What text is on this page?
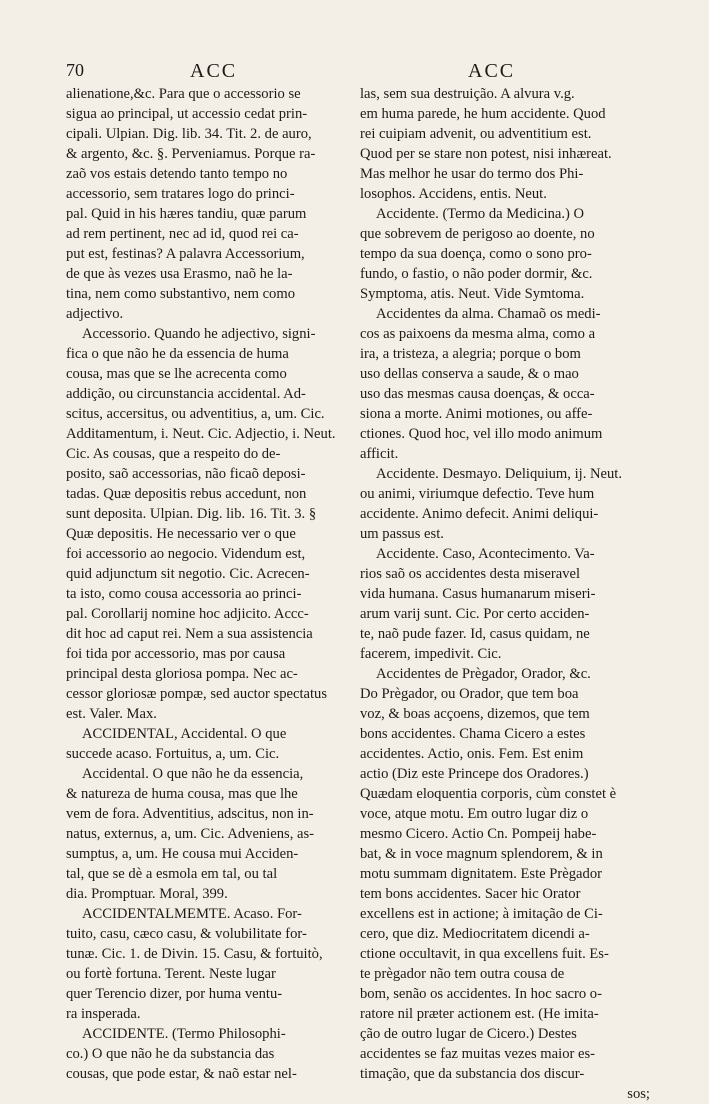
70	ACC	ACC
alienatione,&c. Para que o accessorio se
sigua ao principal, ut accessio cedat prin-
cipali. Ulpian. Dig. lib. 34. Tit. 2. de auro,
& argento, &c. §. Perveniamus. Porque ra-
zaõ vos estais detendo tanto tempo no
accessorio, sem tratares logo do princi-
pal. Quid in his hæres tandiu, quæ parum
ad rem pertinent, nec ad id, quod rei ca-
put est, festinas? A palavra Accessorium,
de que às vezes usa Erasmo, naõ he la-
tina, nem como substantivo, nem como
adjectivo.
Accessorio. Quando he adjectivo, signi-
fica o que não he da essencia de huma
cousa, mas que se lhe acrecenta como
addição, ou circunstancia accidental. Ad-
scitus, accersitus, ou adventitius, a, um. Cic.
Additamentum, i. Neut. Cic. Adjectio, i. Neut.
Cic. As cousas, que a respeito do de-
posito, saõ accessorias, não ficaõ deposi-
tadas. Quæ depositis rebus accedunt, non
sunt deposita. Ulpian. Dig. lib. 16. Tit. 3. §
Quæ depositis. He necessario ver o que
foi accessorio ao negocio. Videndum est,
quid adjunctum sit negotio. Cic. Acrecen-
ta isto, como cousa accessoria ao princi-
pal. Corollarij nomine hoc adjicito. Accc-
dit hoc ad caput rei. Nem a sua assistencia
foi tida por accessorio, mas por causa
principal desta gloriosa pompa. Nec ac-
cessor gloriosæ pompæ, sed auctor spectatus
est. Valer. Max.
ACCIDENTAL, Accidental. O que
succede acaso. Fortuitus, a, um. Cic.
Accidental. O que não he da essencia,
& natureza de huma cousa, mas que lhe
vem de fora. Adventitius, adscitus, non in-
natus, externus, a, um. Cic. Adveniens, as-
sumptus, a, um. He cousa mui Acciden-
tal, que se dè a esmola em tal, ou tal
dia. Promptuar. Moral, 399.
ACCIDENTALMEMTE. Acaso. For-
tuito, casu, cæco casu, & volubilitate for-
tunæ. Cic. 1. de Divin. 15. Casu, & fortuitò,
ou fortè fortuna. Terent. Neste lugar
quer Terencio dizer, por huma ventu-
ra insperada.
ACCIDENTE. (Termo Philosophi-
co.) O que não he da substancia das
cousas, que pode estar, & naõ estar nel-
las, sem sua destruição. A alvura v.g.
em huma parede, he hum accidente. Quod
rei cuipiam advenit, ou adventitium est.
Quod per se stare non potest, nisi inhæreat.
Mas melhor he usar do termo dos Phi-
losophos. Accidens, entis. Neut.
Accidente. (Termo da Medicina.) O
que sobrevem de perigoso ao doente, no
tempo da sua doença, como o sono pro-
fundo, o fastio, o não poder dormir, &c.
Symptoma, atis. Neut. Vide Symtoma.
Accidentes da alma. Chamaõ os medi-
cos as paixoens da mesma alma, como a
ira, a tristeza, a alegria; porque o bom
uso dellas conserva a saude, & o mao
uso das mesmas causa doenças, & occa-
siona a morte. Animi motiones, ou affe-
ctiones. Quod hoc, vel illo modo animum
afficit.
Accidente. Desmayo. Deliquium, ij. Neut.
ou animi, viriumque defectio. Teve hum
accidente. Animo defecit. Animi deliqui-
um passus est.
Accidente. Caso, Acontecimento. Va-
rios saõ os accidentes desta miseravel
vida humana. Casus humanarum miseri-
arum varij sunt. Cic. Por certo acciden-
te, naõ pude fazer. Id, casus quidam, ne
facerem, impedivit. Cic.
Accidentes de Prègador, Orador, &c.
Do Prègador, ou Orador, que tem boa
voz, & boas acçoens, dizemos, que tem
bons accidentes. Chama Cicero a estes
accidentes. Actio, onis. Fem. Est enim
actio (Diz este Princepe dos Oradores.)
Quædam eloquentia corporis, cùm constet è
voce, atque motu. Em outro lugar diz o
mesmo Cicero. Actio Cn. Pompeij habe-
bat, & in voce magnum splendorem, & in
motu summam dignitatem. Este Prègador
tem bons accidentes. Sacer hic Orator
excellens est in actione; à imitação de Ci-
cero, que diz. Mediocritatem dicendi a-
ctione occultavit, in qua excellens fuit. Es-
te prègador não tem outra cousa de
bom, senão os accidentes. In hoc sacro o-
ratore nil præter actionem est. (He imita-
ção de outro lugar de Cicero.) Destes
accidentes se faz muitas vezes maior es-
timação, que da substancia dos discur-
sos;
